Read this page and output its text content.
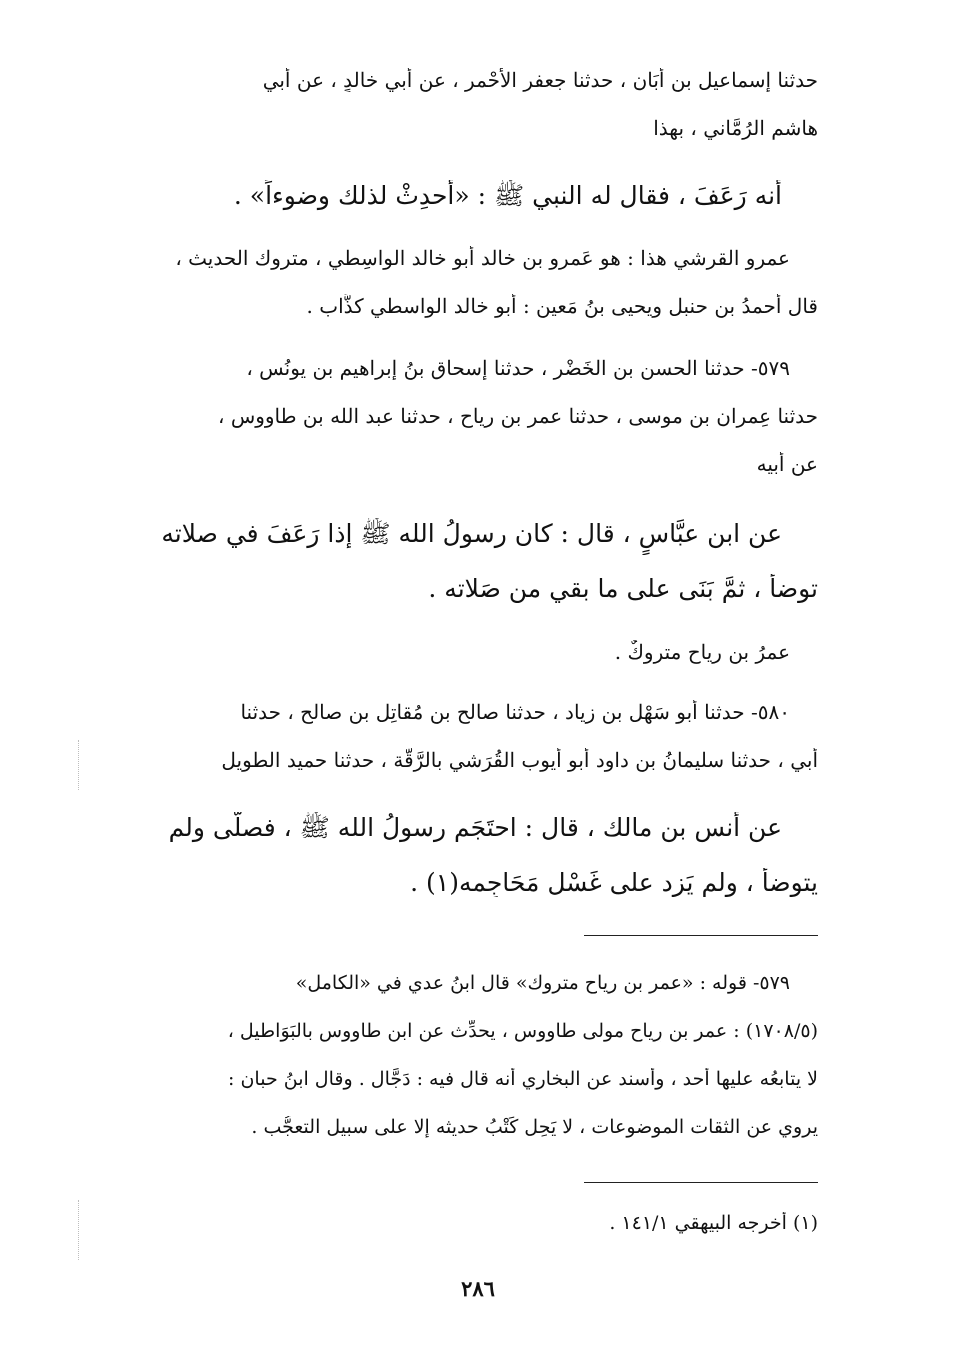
حدثنا إسماعيل بن أبَان ، حدثنا جعفر الأحْمر ، عن أبي خالدٍ ، عن أبي
هاشم الرُمَّاني ، بهذا
أنه رَعَفَ ، فقال له النبي ﷺ : «أحدِثْ لذلك وضوءاً» .
عمرو القرشي هذا : هو عَمرو بن خالد أبو خالد الواسِطي ، متروك الحديث ،
قال أحمدُ بن حنبل ويحيى بنُ مَعين : أبو خالد الواسطي كذَّاب .
٥٧٩- حدثنا الحسن بن الخَضْر ، حدثنا إسحاق بنُ إبراهيم بن يونُس ،
حدثنا عِمران بن موسى ، حدثنا عمر بن رِياح ، حدثنا عبد الله بن طاووس ،
عن أبيه
عن ابن عبَّاسٍ ، قال : كان رسولُ الله ﷺ إذا رَعَفَ في صلاته
توضأ ، ثمَّ بَنَى على ما بقي من صَلاته .
عمرُ بن رياح متروكٌ .
٥٨٠- حدثنا أبو سَهْل بن زياد ، حدثنا صالح بن مُقاتِل بن صالح ، حدثنا
أبي ، حدثنا سليمانُ بن داود أبو أيوب القُرَشي بالرَّقَّة ، حدثنا حميد الطويل
عن أنس بن مالك ، قال : احتَجَم رسولُ الله ﷺ ، فصلَّى ولم
يتوضأ ، ولم يَزِد على غَسْل مَحَاجِمه(١) .
٥٧٩- قوله : «عمر بن رياح متروك» قال ابنُ عدي في «الكامل»
(١٧٠٨/٥) : عمر بن رِياح مولى طاووس ، يحدِّث عن ابن طاووس بالبَوَاطيل ،
لا يتابعُه عليها أحد ، وأسند عن البخاري أنه قال فيه : دَجَّال . وقال ابنُ حبان :
يروي عن الثقات الموضوعات ، لا يَحِل كَتْبُ حديثه إلا على سبيل التعجُّب .
(١) أخرجه البيهقي ١٤١/١ .
٢٨٦
